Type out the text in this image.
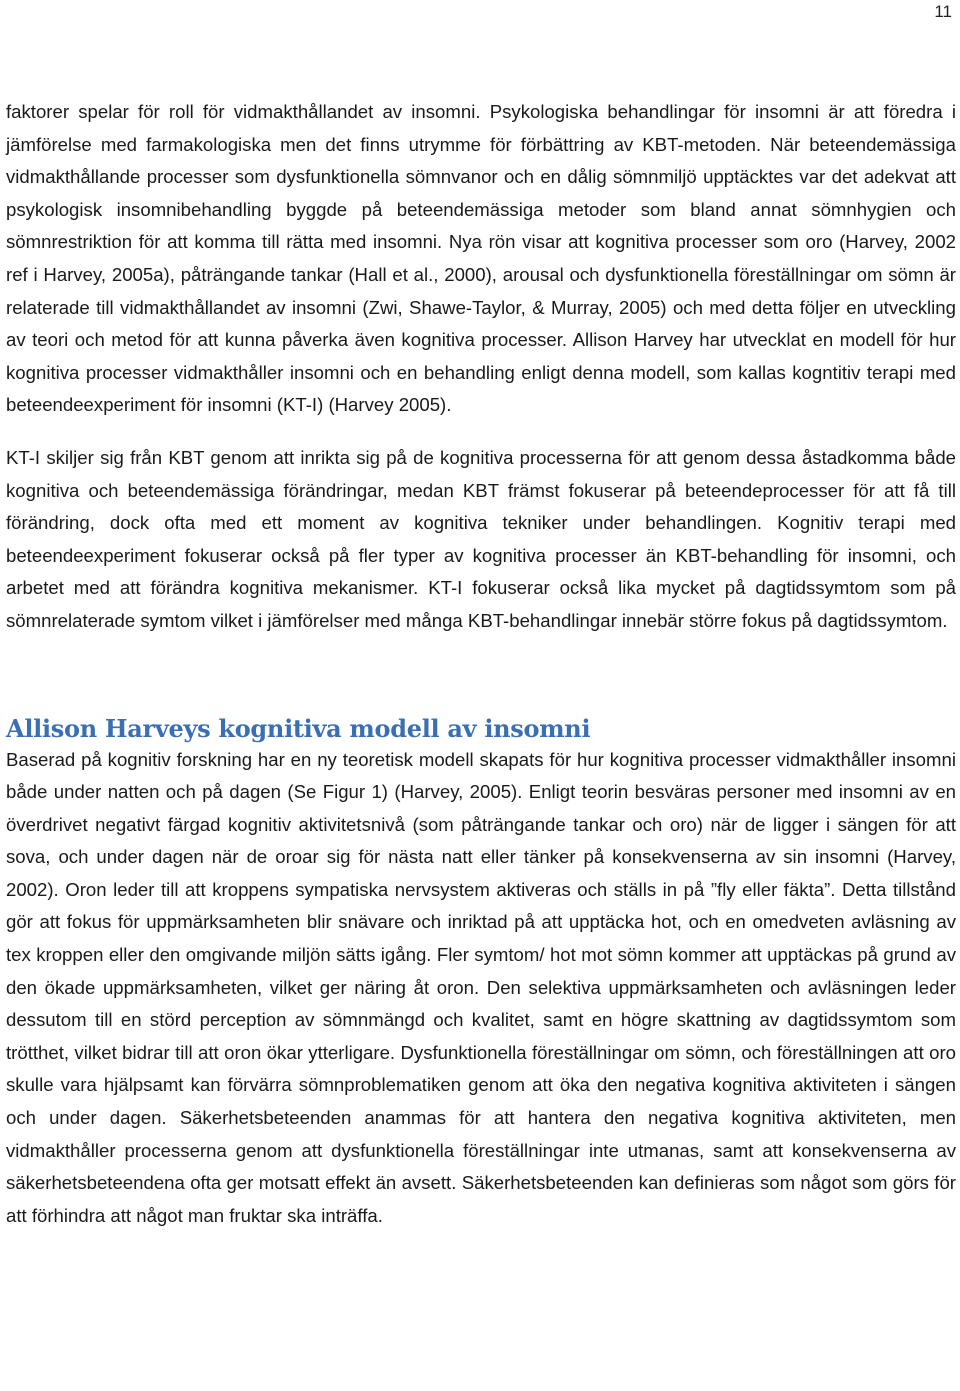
11

faktorer spelar för roll för vidmakthållandet av insomni. Psykologiska behandlingar för insomni är att föredra i jämförelse med farmakologiska men det finns utrymme för förbättring av KBT-metoden. När beteendemässiga vidmakthållande processer som dysfunktionella sömnvanor och en dålig sömnmiljö upptäcktes var det adekvat att psykologisk insomnibehandling byggde på beteendemässiga metoder som bland annat sömnhygien och sömnrestriktion för att komma till rätta med insomni. Nya rön visar att kognitiva processer som oro (Harvey, 2002 ref i Harvey, 2005a), påträngande tankar (Hall et al., 2000), arousal och dysfunktionella föreställningar om sömn är relaterade till vidmakthållandet av insomni (Zwi, Shawe-Taylor, & Murray, 2005) och med detta följer en utveckling av teori och metod för att kunna påverka även kognitiva processer. Allison Harvey har utvecklat en modell för hur kognitiva processer vidmakthåller insomni och en behandling enligt denna modell, som kallas kogntitiv terapi med beteendeexperiment för insomni (KT-I) (Harvey 2005).

KT-I skiljer sig från KBT genom att inrikta sig på de kognitiva processerna för att genom dessa åstadkomma både kognitiva och beteendemässiga förändringar, medan KBT främst fokuserar på beteendeprocesser för att få till förändring, dock ofta med ett moment av kognitiva tekniker under behandlingen. Kognitiv terapi med beteendeexperiment fokuserar också på fler typer av kognitiva processer än KBT-behandling för insomni, och arbetet med att förändra kognitiva mekanismer. KT-I fokuserar också lika mycket på dagtidssymtom som på sömnrelaterade symtom vilket i jämförelser med många KBT-behandlingar innebär större fokus på dagtidssymtom.

Allison Harveys kognitiva modell av insomni

Baserad på kognitiv forskning har en ny teoretisk modell skapats för hur kognitiva processer vidmakthåller insomni både under natten och på dagen (Se Figur 1) (Harvey, 2005). Enligt teorin besväras personer med insomni av en överdrivet negativt färgad kognitiv aktivitetsnivå (som påträngande tankar och oro) när de ligger i sängen för att sova, och under dagen när de oroar sig för nästa natt eller tänker på konsekvenserna av sin insomni (Harvey, 2002). Oron leder till att kroppens sympatiska nervsystem aktiveras och ställs in på ”fly eller fäkta”. Detta tillstånd gör att fokus för uppmärksamheten blir snävare och inriktad på att upptäcka hot, och en omedveten avläsning av tex kroppen eller den omgivande miljön sätts igång. Fler symtom/ hot mot sömn kommer att upptäckas på grund av den ökade uppmärksamheten, vilket ger näring åt oron. Den selektiva uppmärksamheten och avläsningen leder dessutom till en störd perception av sömnmängd och kvalitet, samt en högre skattning av dagtidssymtom som trötthet, vilket bidrar till att oron ökar ytterligare. Dysfunktionella föreställningar om sömn, och föreställningen att oro skulle vara hjälpsamt kan förvärra sömnproblematiken genom att öka den negativa kognitiva aktiviteten i sängen och under dagen. Säkerhetsbeteenden anammas för att hantera den negativa kognitiva aktiviteten, men vidmakthåller processerna genom att dysfunktionella föreställningar inte utmanas, samt att konsekvenserna av säkerhetsbeteendena ofta ger motsatt effekt än avsett. Säkerhetsbeteenden kan definieras som något som görs för att förhindra att något man fruktar ska inträffa.
